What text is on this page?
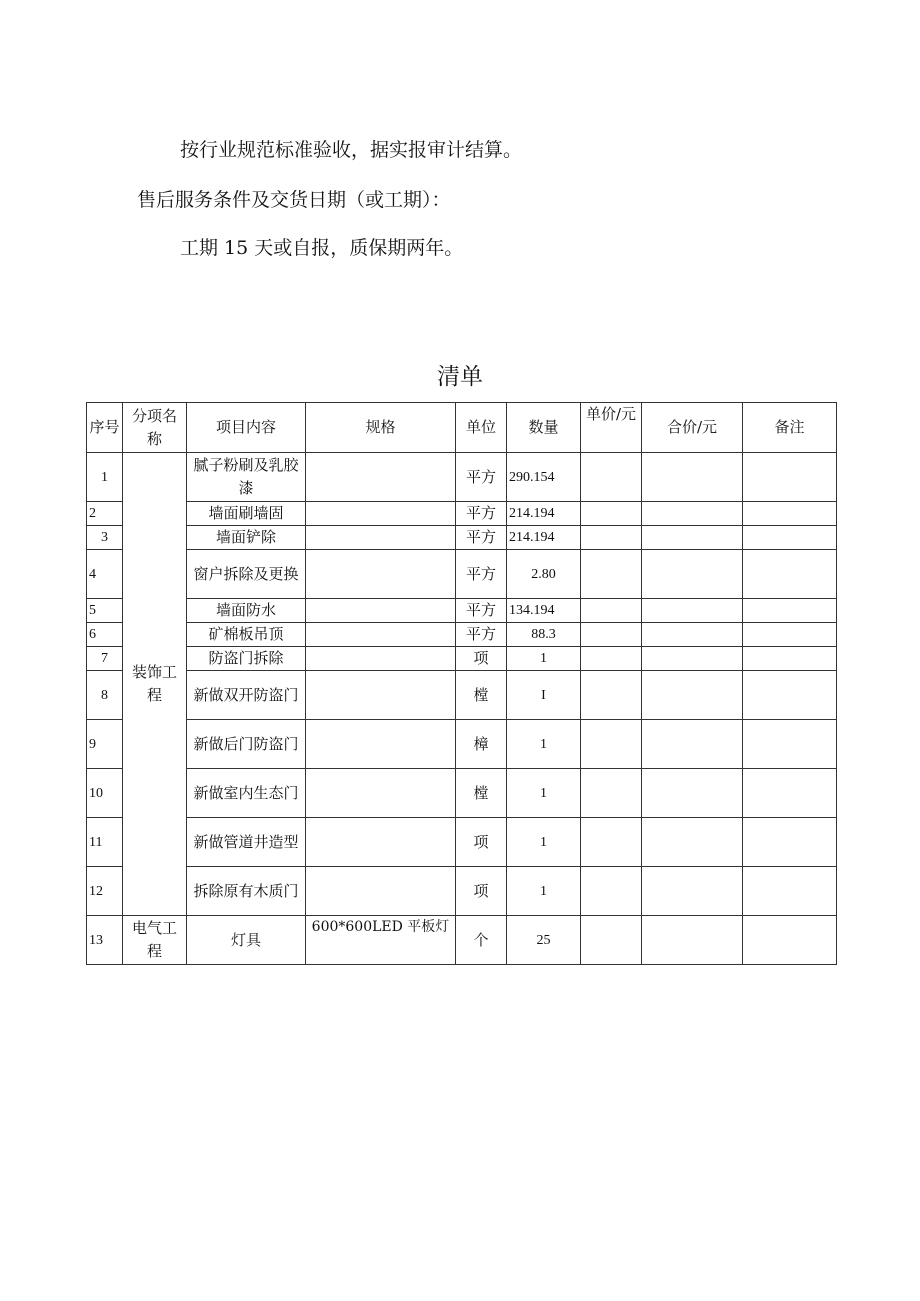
按行业规范标准验收，据实报审计结算。
售后服务条件及交货日期（或工期）：
工期 15 天或自报，质保期两年。
清单
序号	分项名称	项目内容	规格	单位	数量	单价/元	合价/元	备注
1	装饰工程	腻子粉刷及乳胶漆		平方	290.154			
2		墙面刷墙固		平方	214.194			
3		墙面铲除		平方	214.194			
4		窗户拆除及更换		平方	2.80			
5		墙面防水		平方	134.194			
6		矿棉板吊顶		平方	88.3			
7		防盗门拆除		项	1			
8		新做双开防盗门		樘	I			
9		新做后门防盗门		樟	1			
10		新做室内生态门		樘	1			
11		新做管道井造型		项	1			
12		拆除原有木质门		项	1			
13	电气工程	灯具	600*600LED 平板灯	个	25			
